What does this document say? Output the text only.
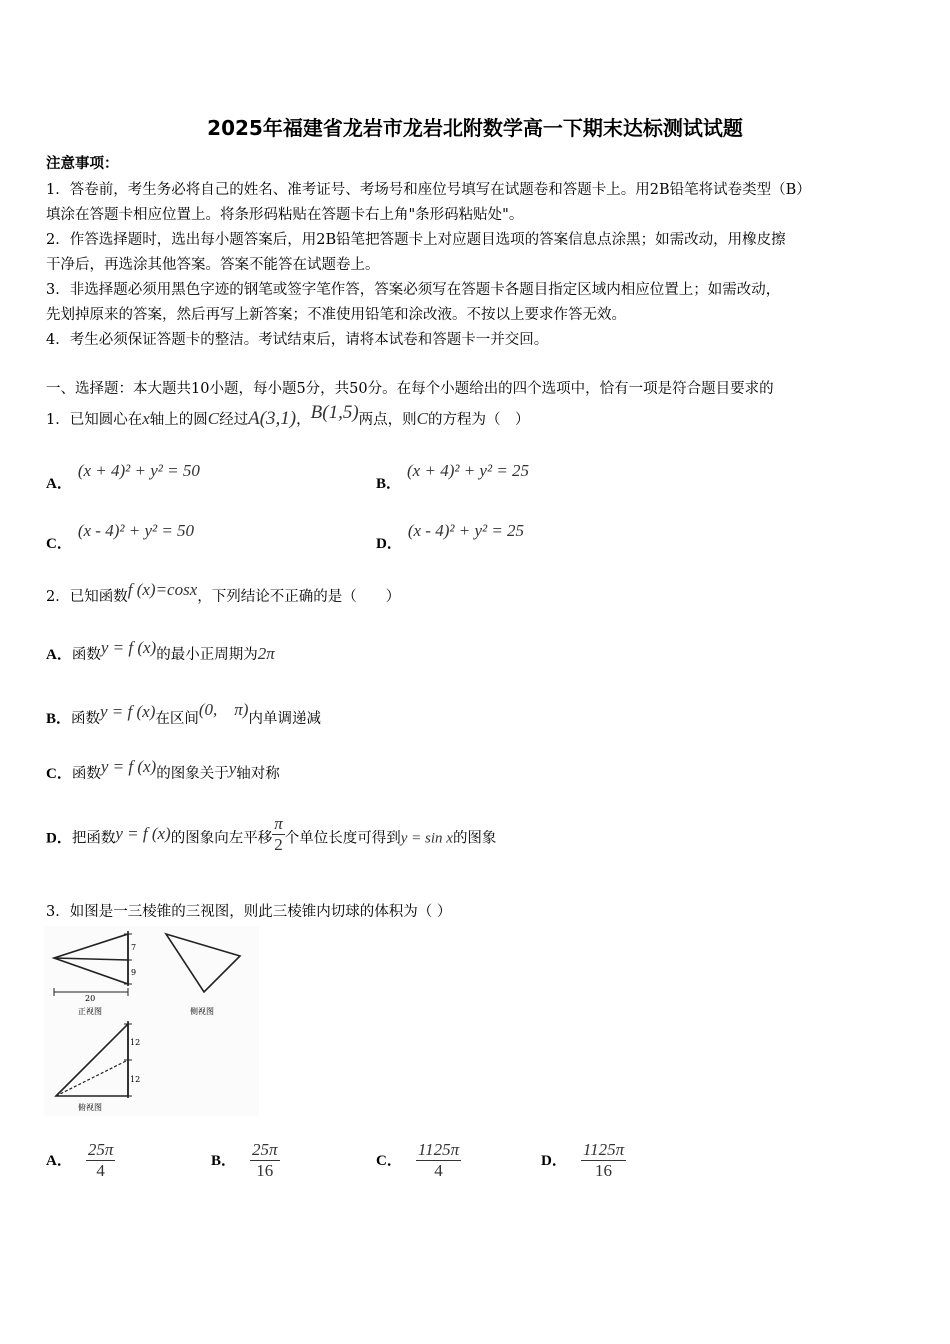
2025年福建省龙岩市龙岩北附数学高一下期末达标测试试题
注意事项：
1．答卷前，考生务必将自己的姓名、准考证号、考场号和座位号填写在试题卷和答题卡上。用2B铅笔将试卷类型（B）
填涂在答题卡相应位置上。将条形码粘贴在答题卡右上角"条形码粘贴处"。
2．作答选择题时，选出每小题答案后，用2B铅笔把答题卡上对应题目选项的答案信息点涂黑；如需改动，用橡皮擦
干净后，再选涂其他答案。答案不能答在试题卷上。
3．非选择题必须用黑色字迹的钢笔或签字笔作答，答案必须写在答题卡各题目指定区域内相应位置上；如需改动，
先划掉原来的答案，然后再写上新答案；不准使用铅笔和涂改液。不按以上要求作答无效。
4．考生必须保证答题卡的整洁。考试结束后，请将本试卷和答题卡一并交回。
一、选择题：本大题共10小题，每小题5分，共50分。在每个小题给出的四个选项中，恰有一项是符合题目要求的
1．已知圆心在x轴上的圆C经过A(3,1)，B(1,5)两点，则C的方程为（　）
A．(x + 4)² + y² = 50
B．(x + 4)² + y² = 25
C．(x - 4)² + y² = 50
D．(x - 4)² + y² = 25
2．已知函数f (x)=cosx，下列结论不正确的是（　　）
A．函数y = f (x)的最小正周期为2π
B．函数y = f (x)在区间(0,　π)内单调递减
C．函数y = f (x)的图象关于y轴对称
D．把函数y = f (x)的图象向左平移 $\frac{\pi}{2}$ 个单位长度可得到y = sin x的图象
3．如图是一三棱锥的三视图，则此三棱锥内切球的体积为（ ）
7
9
20
正视图	侧视图
12
12
俯视图
A． $\frac{25\pi}{4}$	B． $\frac{25\pi}{16}$	C． $\frac{1125\pi}{4}$	D． $\frac{1125\pi}{16}$
